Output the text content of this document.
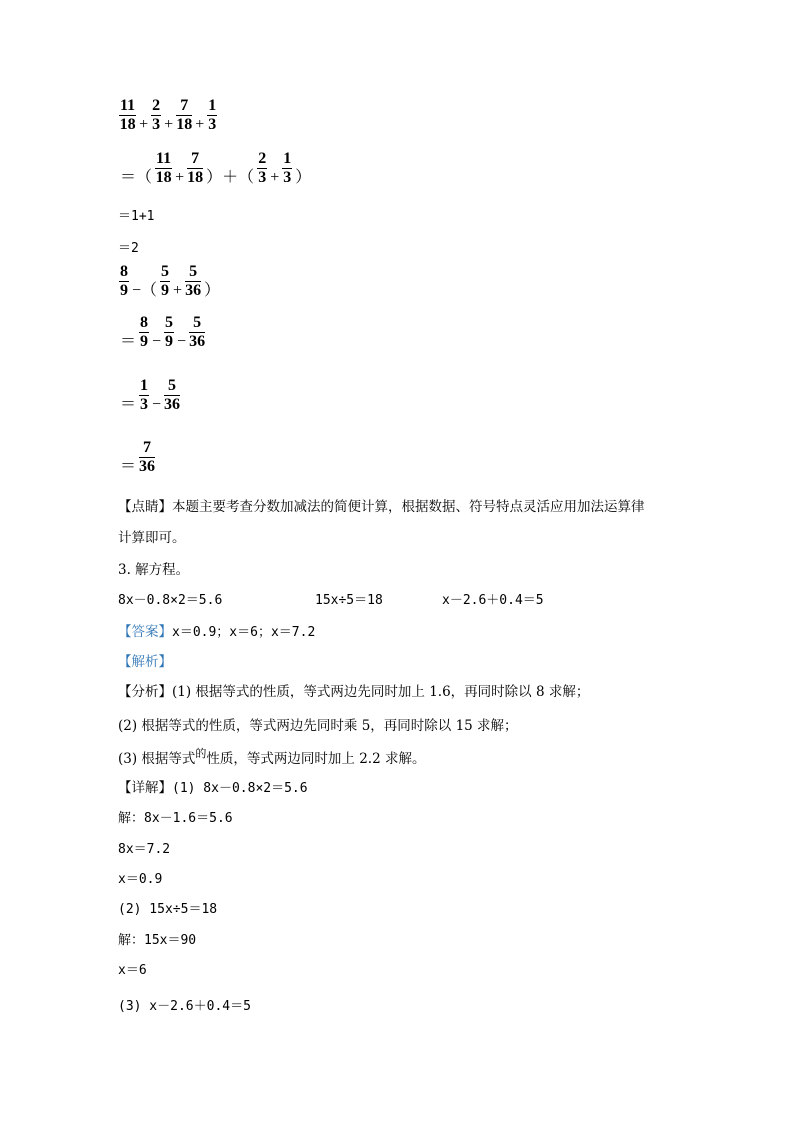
$\frac{11}{18} + \frac{2}{3} + \frac{7}{18} + \frac{1}{3}$
＝（ $\frac{11}{18} + \frac{7}{18}$ ）＋（ $\frac{2}{3} + \frac{1}{3}$ ）
＝1+1
＝2
$\frac{8}{9}$ −（ $\frac{5}{9} + \frac{5}{36}$ ）
＝ $\frac{8}{9} - \frac{5}{9} - \frac{5}{36}$
＝ $\frac{1}{3} - \frac{5}{36}$
＝ $\frac{7}{36}$
【点睛】本题主要考查分数加减法的简便计算，根据数据、符号特点灵活应用加法运算律
计算即可。
3. 解方程。
8x－0.8×2＝5.6	15x÷5＝18	x－2.6＋0.4＝5
【答案】x＝0.9；x＝6；x＝7.2
【解析】
【分析】(1) 根据等式的性质，等式两边先同时加上 1.6，再同时除以 8 求解；
(2) 根据等式的性质，等式两边先同时乘 5，再同时除以 15 求解；
(3) 根据等式$^的$性质，等式两边同时加上 2.2 求解。
【详解】(1) 8x－0.8×2＝5.6
解：8x－1.6＝5.6
8x＝7.2
x＝0.9
(2) 15x÷5＝18
解：15x＝90
x＝6
(3) x－2.6＋0.4＝5
